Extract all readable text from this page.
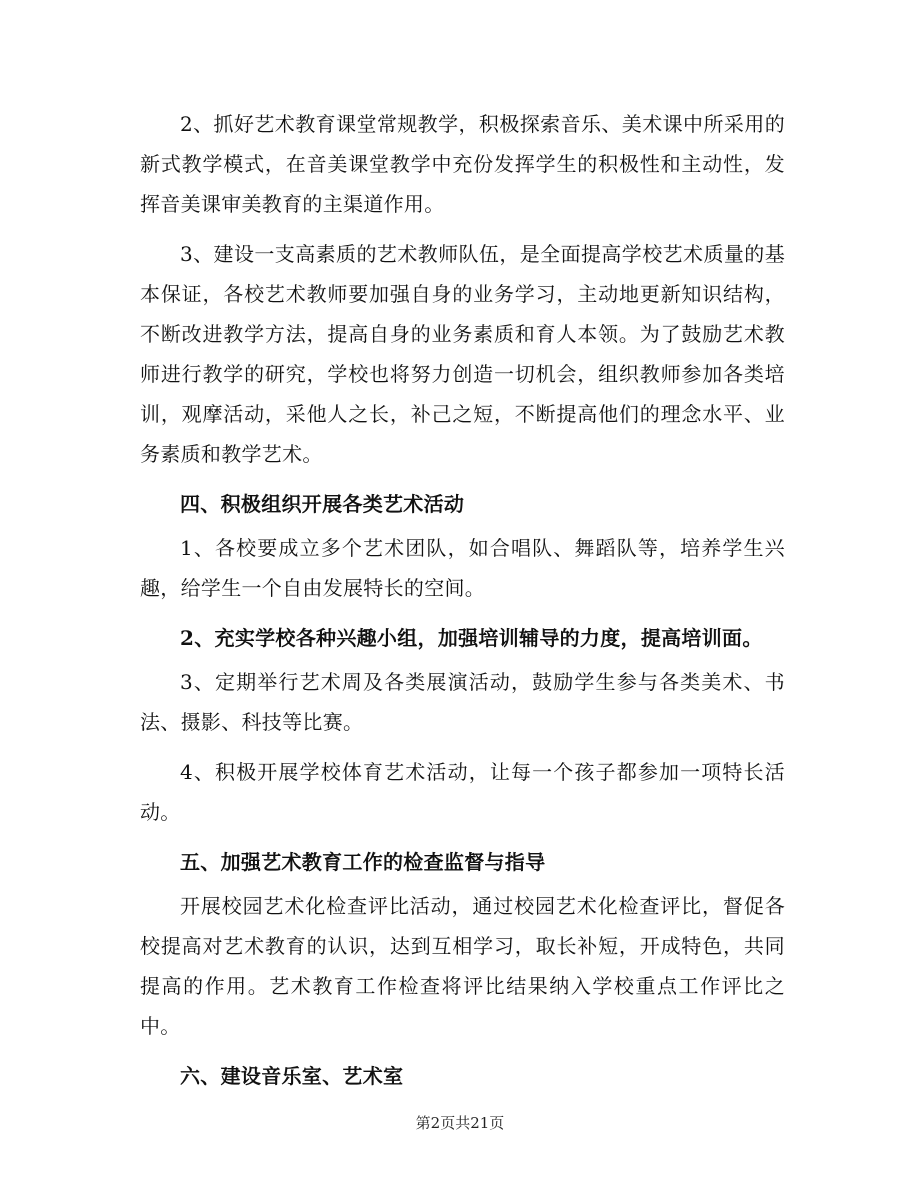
2、抓好艺术教育课堂常规教学，积极探索音乐、美术课中所采用的新式教学模式，在音美课堂教学中充份发挥学生的积极性和主动性，发挥音美课审美教育的主渠道作用。

3、建设一支高素质的艺术教师队伍，是全面提高学校艺术质量的基本保证，各校艺术教师要加强自身的业务学习，主动地更新知识结构，不断改进教学方法，提高自身的业务素质和育人本领。为了鼓励艺术教师进行教学的研究，学校也将努力创造一切机会，组织教师参加各类培训，观摩活动，采他人之长，补己之短，不断提高他们的理念水平、业务素质和教学艺术。

四、积极组织开展各类艺术活动

1、各校要成立多个艺术团队，如合唱队、舞蹈队等，培养学生兴趣，给学生一个自由发展特长的空间。

2、充实学校各种兴趣小组，加强培训辅导的力度，提高培训面。

3、定期举行艺术周及各类展演活动，鼓励学生参与各类美术、书法、摄影、科技等比赛。

4、积极开展学校体育艺术活动，让每一个孩子都参加一项特长活动。

五、加强艺术教育工作的检查监督与指导

开展校园艺术化检查评比活动，通过校园艺术化检查评比，督促各校提高对艺术教育的认识，达到互相学习，取长补短，开成特色，共同提高的作用。艺术教育工作检查将评比结果纳入学校重点工作评比之中。

六、建设音乐室、艺术室

第2页共21页
